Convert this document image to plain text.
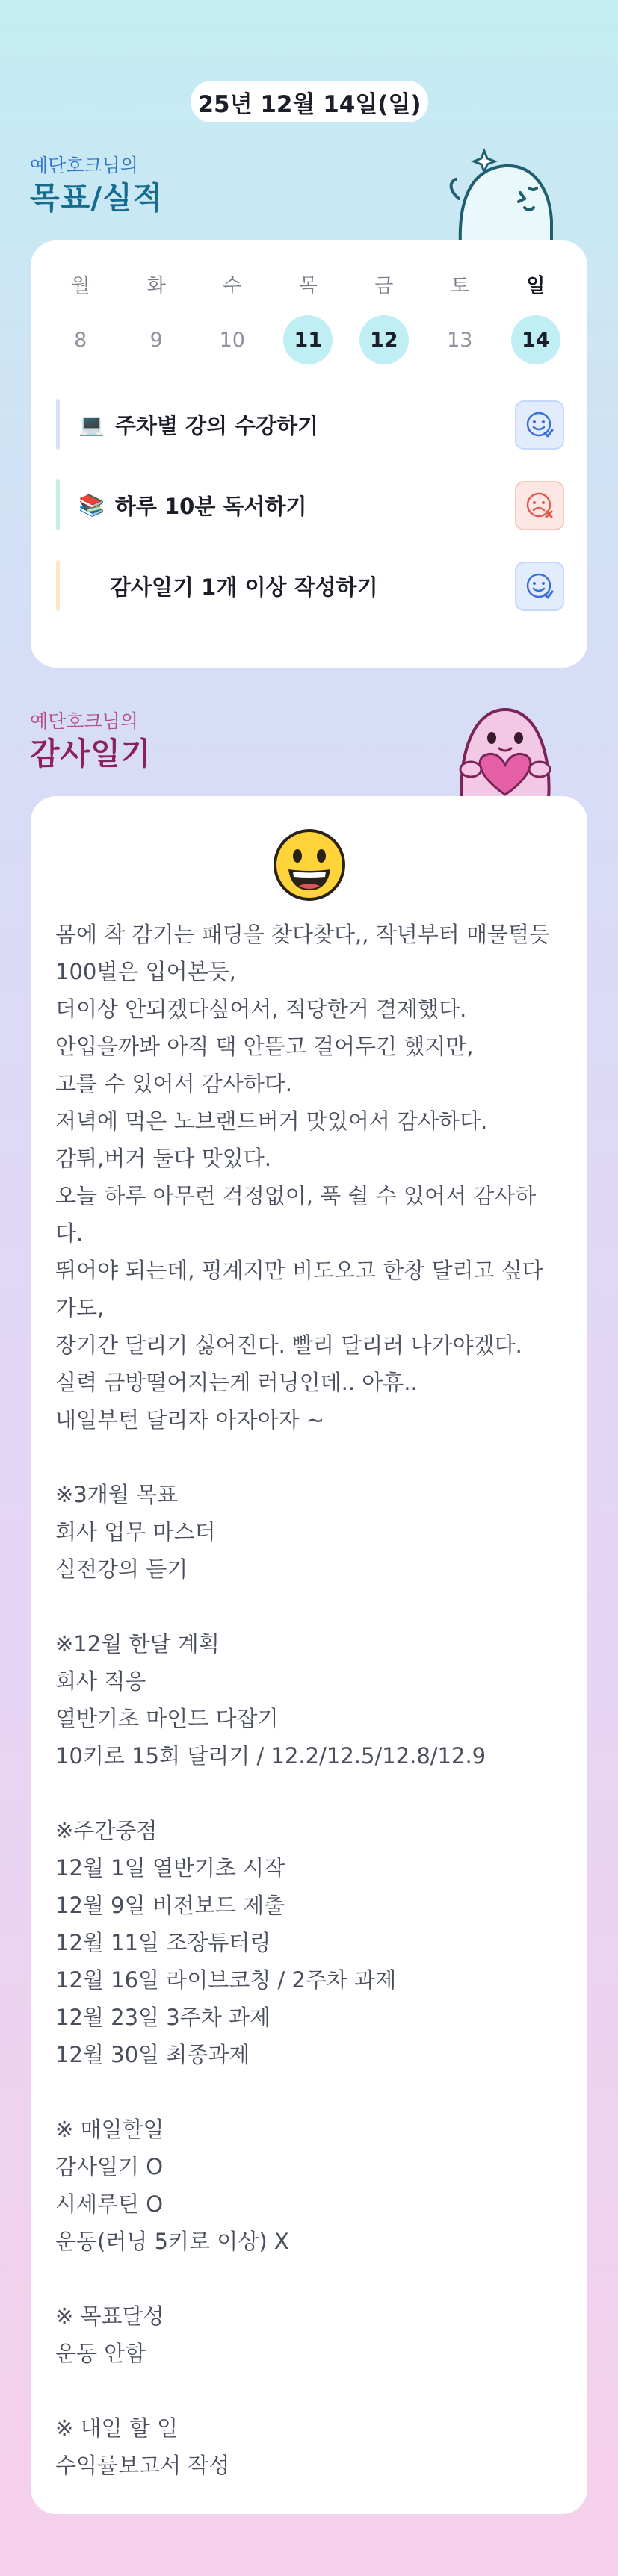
25년 12월 14일(일)
예단호크님의
목표/실적
월	화	수	목	금	토	일
8	9	10	11	12	13	14
💻 주차별 강의 수강하기
📚 하루 10분 독서하기
감사일기 1개 이상 작성하기
예단호크님의
감사일기
몸에 착 감기는 패딩을 찾다찾다,, 작년부터 매물털듯
100벌은 입어본듯,
더이상 안되겠다싶어서, 적당한거 결제했다.
안입을까봐 아직 택 안뜯고 걸어두긴 했지만,
고를 수 있어서 감사하다.
저녁에 먹은 노브랜드버거 맛있어서 감사하다.
감튀,버거 둘다 맛있다.
오늘 하루 아무런 걱정없이, 푹 쉴 수 있어서 감사하
다.
뛰어야 되는데, 핑계지만 비도오고 한창 달리고 싶다
가도,
장기간 달리기 싫어진다. 빨리 달리러 나가야겠다.
실력 금방떨어지는게 러닝인데.. 아휴..
내일부턴 달리자 아자아자 ~
※3개월 목표
회사 업무 마스터
실전강의 듣기
※12월 한달 계획
회사 적응
열반기초 마인드 다잡기
10키로 15회 달리기 / 12.2/12.5/12.8/12.9
※주간중점
12월 1일 열반기초 시작
12월 9일 비전보드 제출
12월 11일 조장튜터링
12월 16일 라이브코칭 / 2주차 과제
12월 23일 3주차 과제
12월 30일 최종과제
※ 매일할일
감사일기 O
시세루틴 O
운동(러닝 5키로 이상) X
※ 목표달성
운동 안함
※ 내일 할 일
수익률보고서 작성
